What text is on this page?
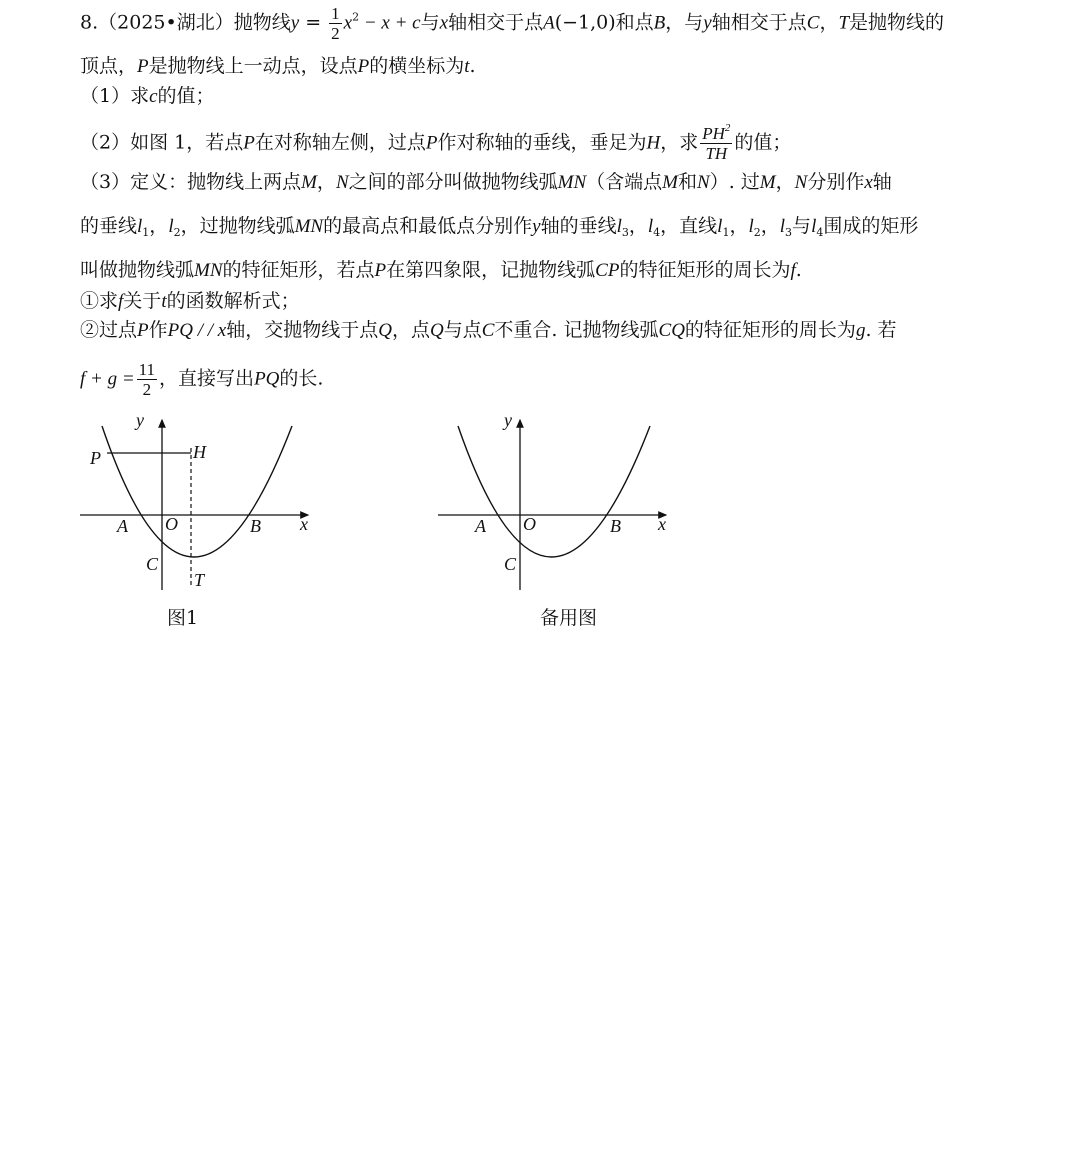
8.（2025•湖北）抛物线$y = \frac{1}{2} x^2 - x + c$与x轴相交于点A(−1,0)和点B，与y轴相交于点C，T是抛物线的
顶点，P是抛物线上一动点，设点P的横坐标为t.
（1）求c的值；
（2）如图 1，若点P在对称轴左侧，过点P作对称轴的垂线，垂足为H，求 $\frac{PH^2}{TH}$ 的值；
（3）定义：抛物线上两点M，N之间的部分叫做抛物线弧MN（含端点M和N）. 过M，N分别作x轴
的垂线$l_1$，$l_2$，过抛物线弧MN的最高点和最低点分别作y轴的垂线$l_3$，$l_4$，直线$l_1$，$l_2$，$l_3$与$l_4$围成的矩形
叫做抛物线弧MN的特征矩形，若点P在第四象限，记抛物线弧CP的特征矩形的周长为f.
①求f关于t的函数解析式；
②过点P作PQ / / x轴，交抛物线于点Q，点Q与点C不重合. 记抛物线弧CQ的特征矩形的周长为g. 若
$f + g = \frac{11}{2}$ ，直接写出PQ的长.
y
x
P	H
A O	B
C
T
图1
y
x
A O	B
C
备用图
